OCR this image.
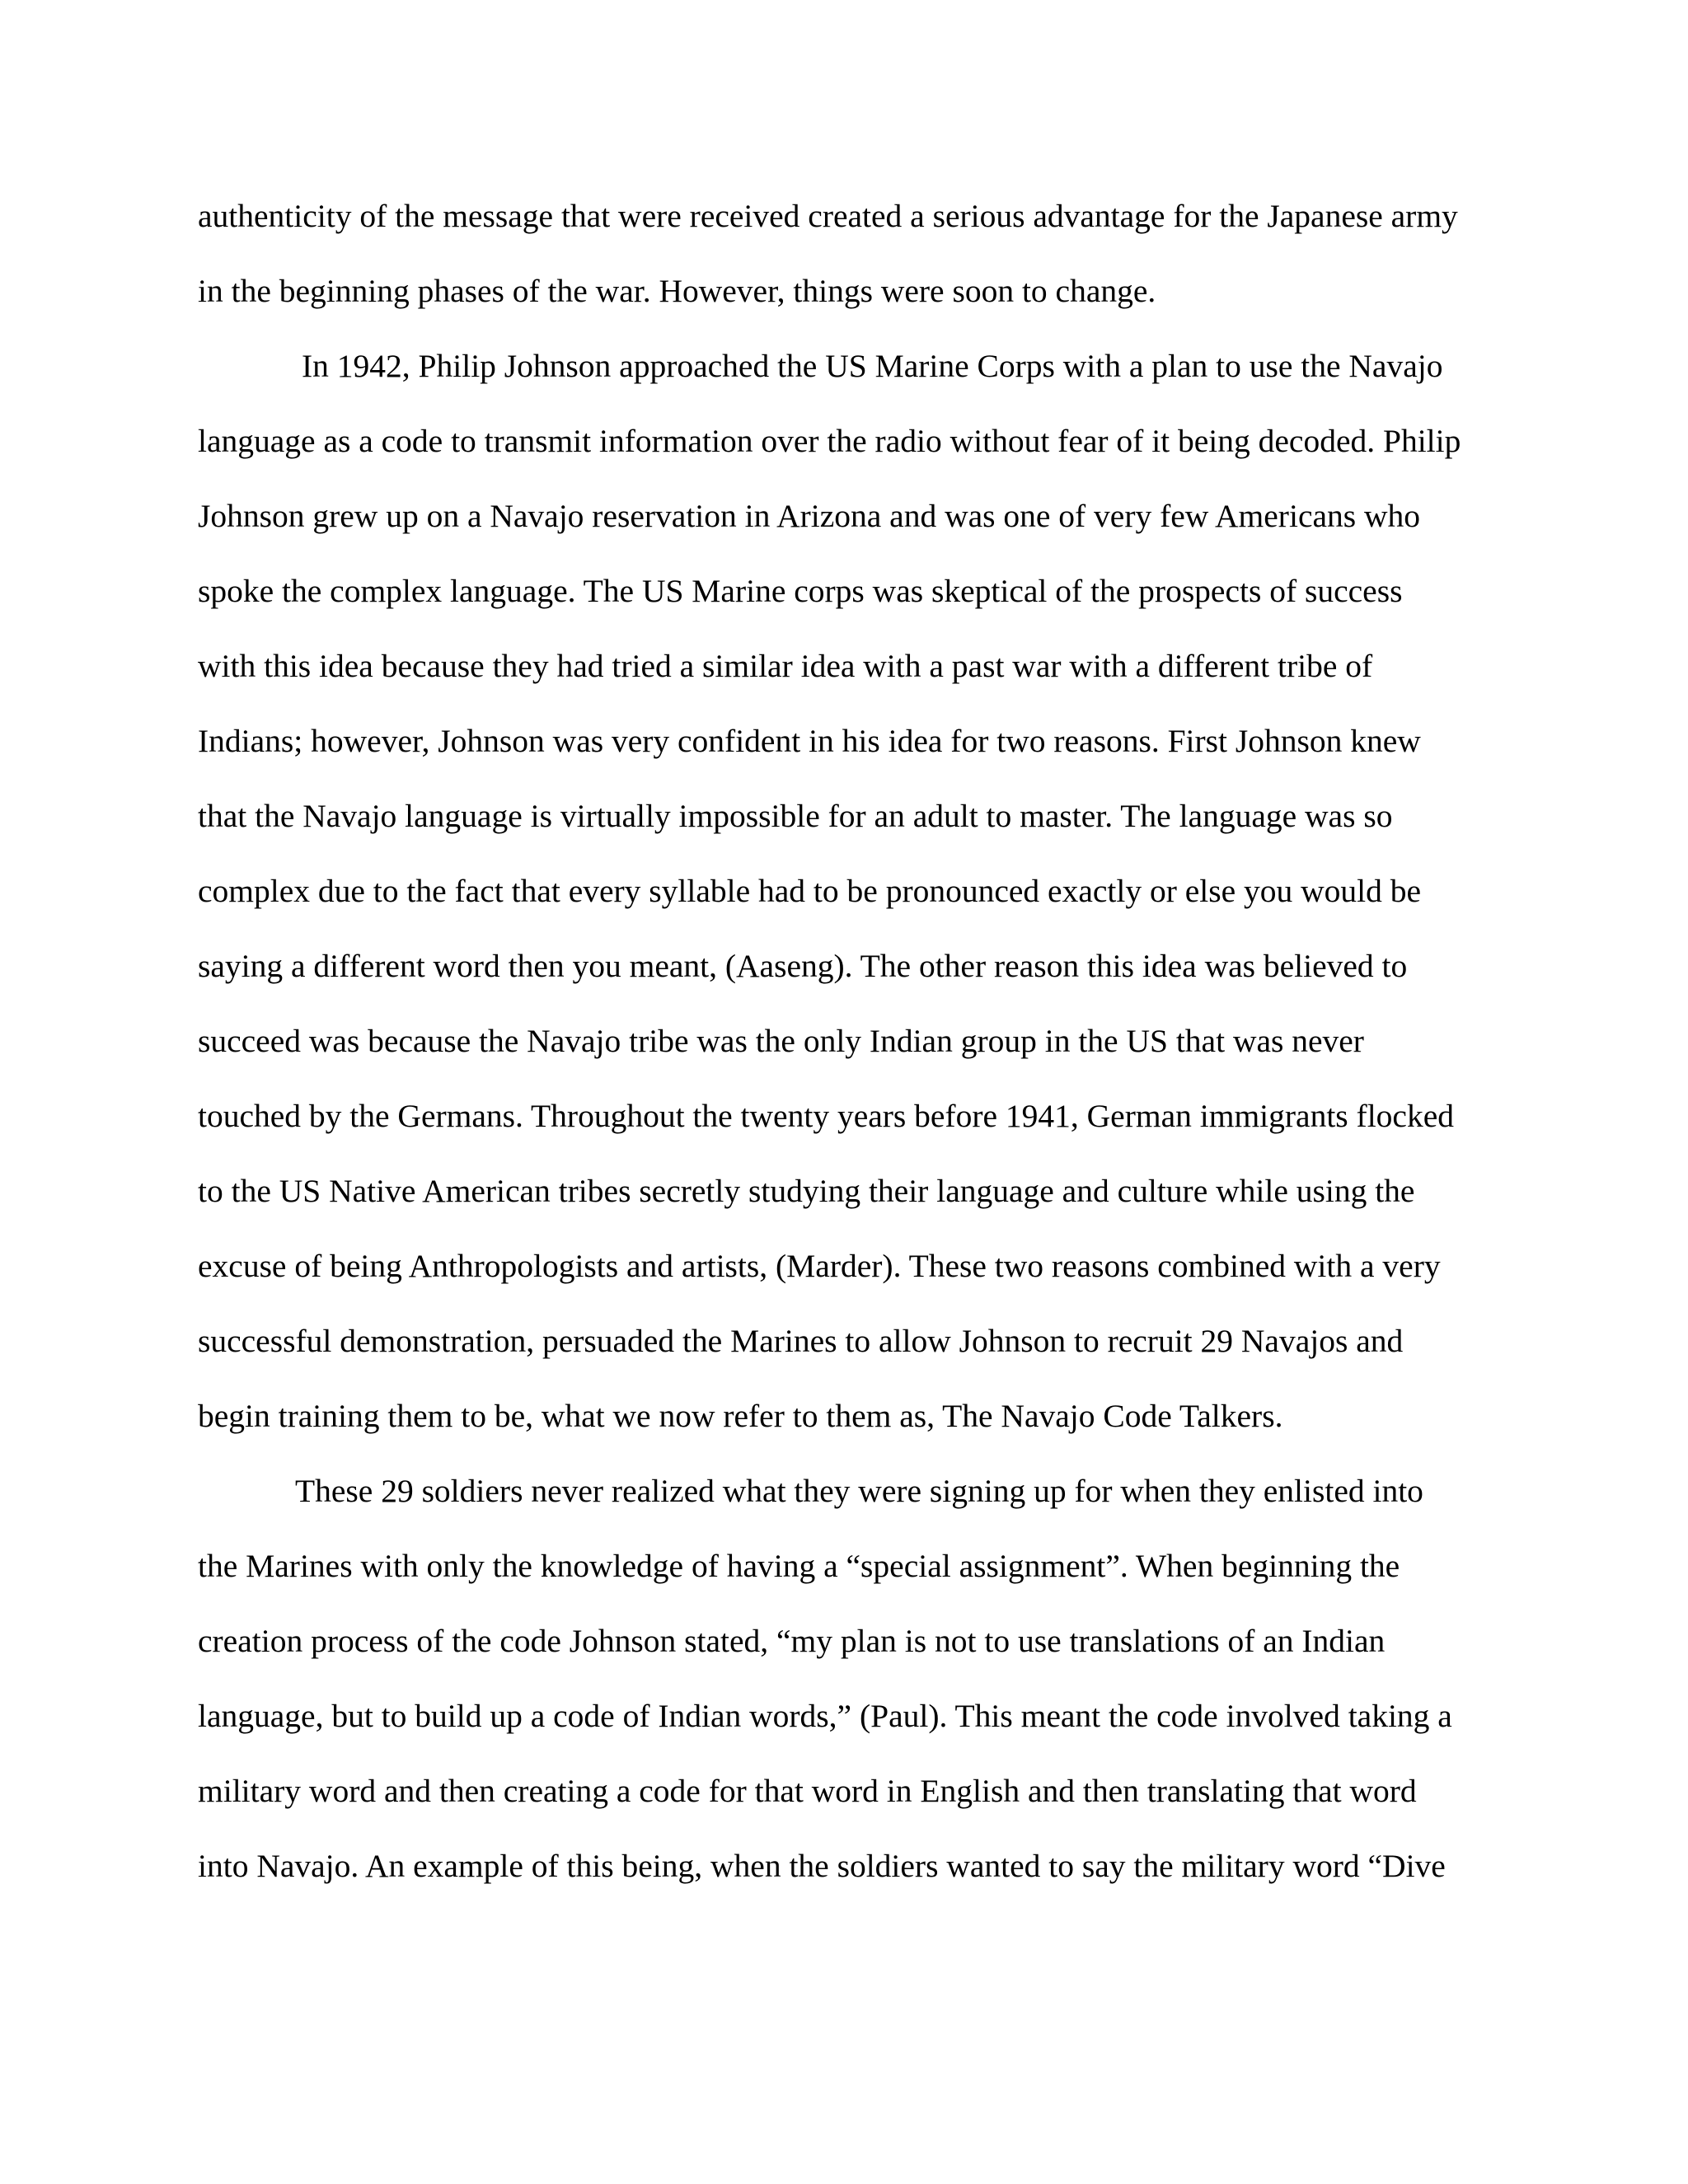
authenticity of the message that were received created a serious advantage for the Japanese army

in the beginning phases of the war. However, things were soon to change.

In 1942, Philip Johnson approached the US Marine Corps with a plan to use the Navajo

language as a code to transmit information over the radio without fear of it being decoded. Philip

Johnson grew up on a Navajo reservation in Arizona and was one of very few Americans who

spoke the complex language. The US Marine corps was skeptical of the prospects of success

with this idea because they had tried a similar idea with a past war with a different tribe of

Indians; however, Johnson was very confident in his idea for two reasons. First Johnson knew

that the Navajo language is virtually impossible for an adult to master. The language was so

complex due to the fact that every syllable had to be pronounced exactly or else you would be

saying a different word then you meant, (Aaseng). The other reason this idea was believed to

succeed was because the Navajo tribe was the only Indian group in the US that was never

touched by the Germans. Throughout the twenty years before 1941, German immigrants flocked

to the US Native American tribes secretly studying their language and culture while using the

excuse of being Anthropologists and artists, (Marder). These two reasons combined with a very

successful demonstration, persuaded the Marines to allow Johnson to recruit 29 Navajos and

begin training them to be, what we now refer to them as, The Navajo Code Talkers.

These 29 soldiers never realized what they were signing up for when they enlisted into

the Marines with only the knowledge of having a “special assignment”. When beginning the

creation process of the code Johnson stated, “my plan is not to use translations of an Indian

language, but to build up a code of Indian words,” (Paul). This meant the code involved taking a

military word and then creating a code for that word in English and then translating that word

into Navajo. An example of this being, when the soldiers wanted to say the military word “Dive
